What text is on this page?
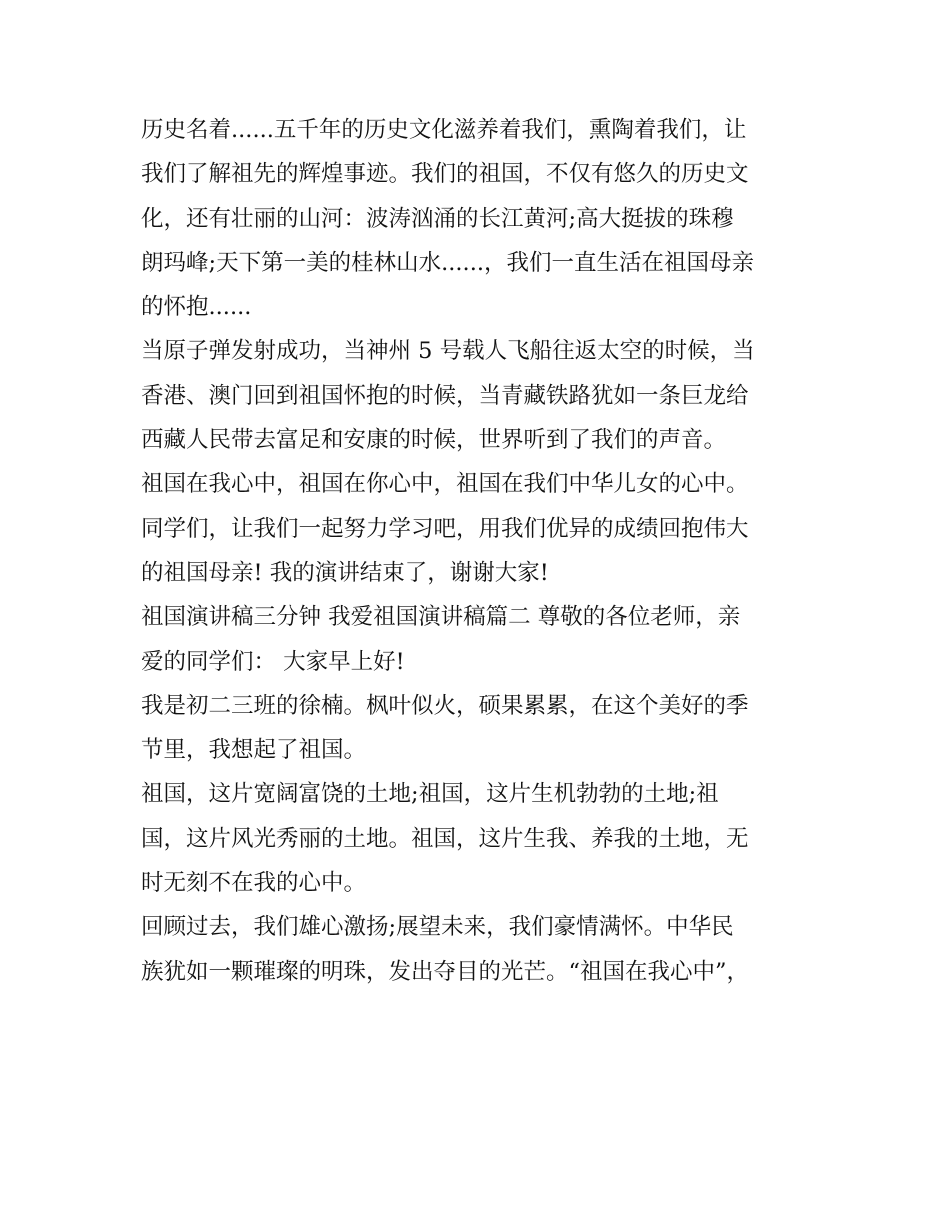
历史名着......五千年的历史文化滋养着我们，熏陶着我们，让
我们了解祖先的辉煌事迹。我们的祖国，不仅有悠久的历史文
化，还有壮丽的山河：波涛汹涌的长江黄河;高大挺拔的珠穆
朗玛峰;天下第一美的桂林山水......，我们一直生活在祖国母亲
的怀抱......
当原子弹发射成功，当神州 5 号载人飞船往返太空的时候，当
香港、澳门回到祖国怀抱的时候，当青藏铁路犹如一条巨龙给
西藏人民带去富足和安康的时候，世界听到了我们的声音。
祖国在我心中，祖国在你心中，祖国在我们中华儿女的心中。
同学们，让我们一起努力学习吧，用我们优异的成绩回抱伟大
的祖国母亲! 我的演讲结束了，谢谢大家!
祖国演讲稿三分钟 我爱祖国演讲稿篇二 尊敬的各位老师，亲
爱的同学们： 大家早上好!
我是初二三班的徐楠。枫叶似火，硕果累累，在这个美好的季
节里，我想起了祖国。
祖国，这片宽阔富饶的土地;祖国，这片生机勃勃的土地;祖
国，这片风光秀丽的土地。祖国，这片生我、养我的土地，无
时无刻不在我的心中。
回顾过去，我们雄心激扬;展望未来，我们豪情满怀。中华民
族犹如一颗璀璨的明珠，发出夺目的光芒。“祖国在我心中”，
